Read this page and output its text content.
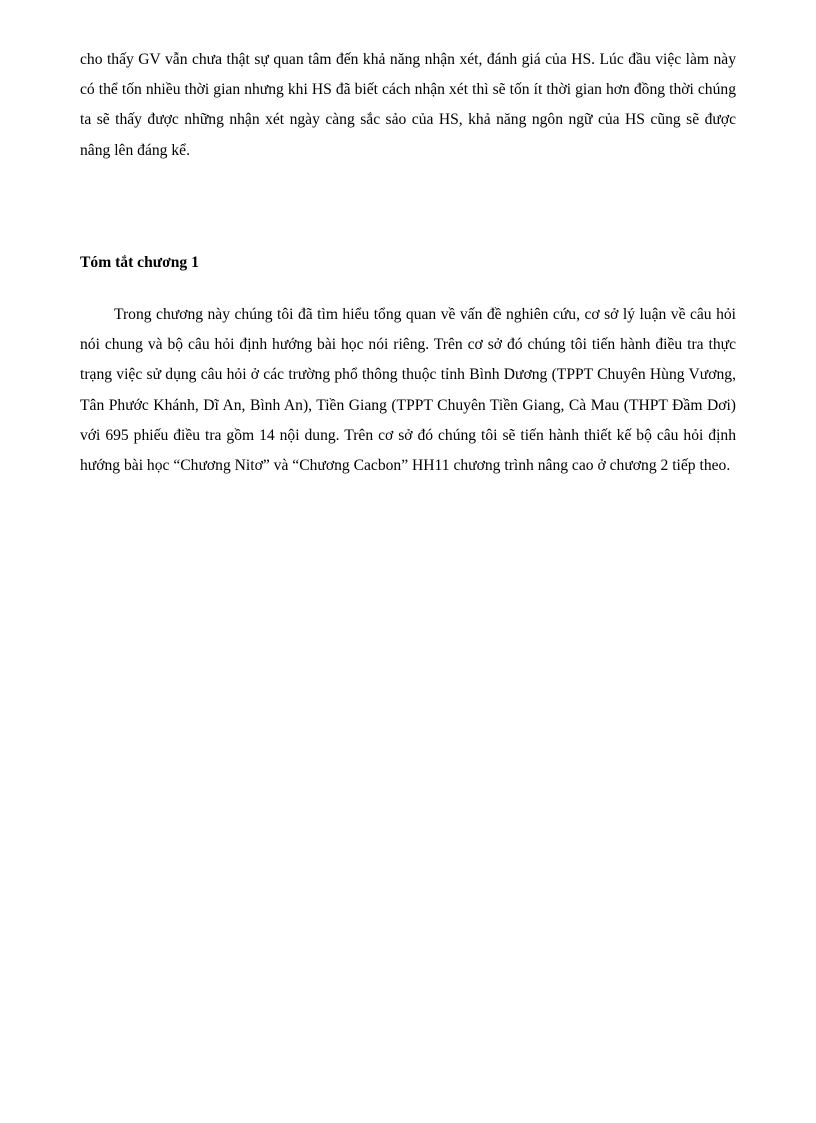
cho thấy GV vẫn chưa thật sự quan tâm đến khả năng nhận xét, đánh giá của HS. Lúc đầu việc làm này có thể tốn nhiều thời gian nhưng khi HS đã biết cách nhận xét thì sẽ tốn ít thời gian hơn đồng thời chúng ta sẽ thấy được những nhận xét ngày càng sắc sảo của HS, khả năng ngôn ngữ của HS cũng sẽ được nâng lên đáng kể.

Tóm tắt chương 1

Trong chương này chúng tôi đã tìm hiểu tổng quan về vấn đề nghiên cứu, cơ sở lý luận về câu hỏi nói chung và bộ câu hỏi định hướng bài học nói riêng. Trên cơ sở đó chúng tôi tiến hành điều tra thực trạng việc sử dụng câu hỏi ở các trường phổ thông thuộc tỉnh Bình Dương (TPPT Chuyên Hùng Vương, Tân Phước Khánh, Dĩ An, Bình An), Tiền Giang (TPPT Chuyên Tiền Giang, Cà Mau (THPT Đầm Dơi) với 695 phiếu điều tra gồm 14 nội dung. Trên cơ sở đó chúng tôi sẽ tiến hành thiết kế bộ câu hỏi định hướng bài học “Chương Nitơ” và “Chương Cacbon” HH11 chương trình nâng cao ở chương 2 tiếp theo.
